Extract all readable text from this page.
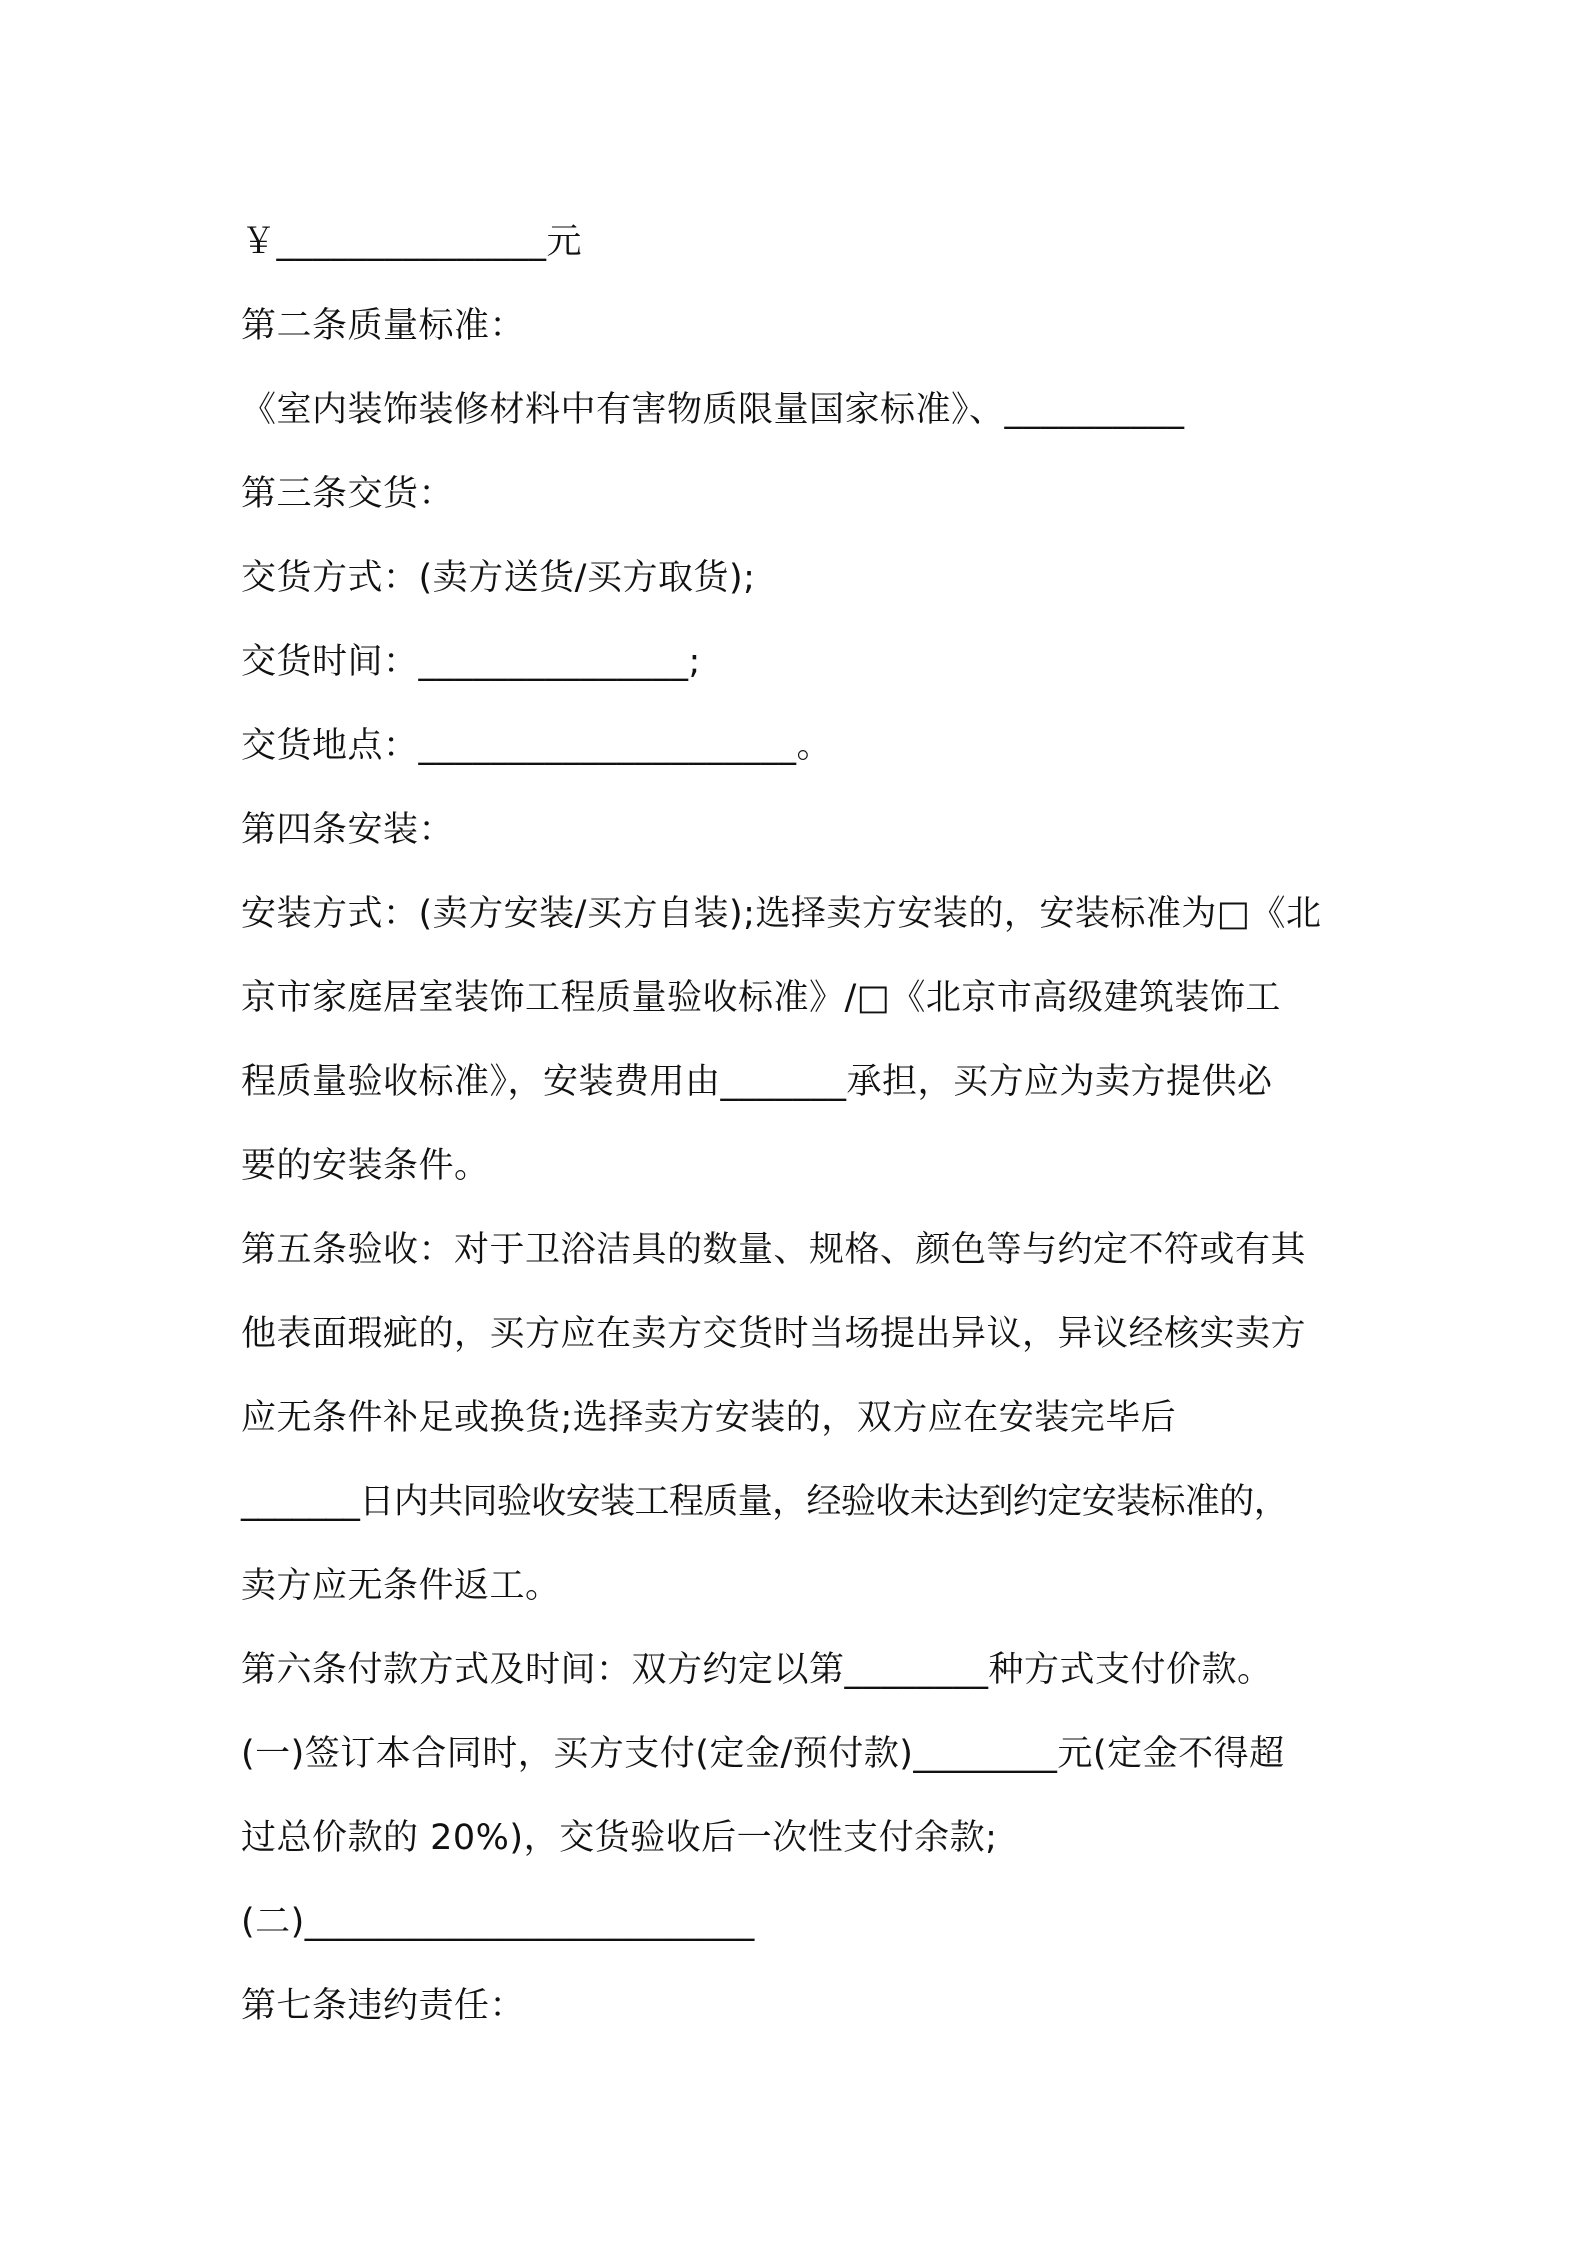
￥_______________元

第二条质量标准：

《室内装饰装修材料中有害物质限量国家标准》、__________

第三条交货：

交货方式：(卖方送货/买方取货);

交货时间：_______________;

交货地点：_____________________。

第四条安装：

安装方式：(卖方安装/买方自装);选择卖方安装的，安装标准为□《北

京市家庭居室装饰工程质量验收标准》/□《北京市高级建筑装饰工

程质量验收标准》，安装费用由_______承担，买方应为卖方提供必

要的安装条件。

第五条验收：对于卫浴洁具的数量、规格、颜色等与约定不符或有其

他表面瑕疵的，买方应在卖方交货时当场提出异议，异议经核实卖方

应无条件补足或换货;选择卖方安装的，双方应在安装完毕后

_______日内共同验收安装工程质量，经验收未达到约定安装标准的，

卖方应无条件返工。

第六条付款方式及时间：双方约定以第________种方式支付价款。

(一)签订本合同时，买方支付(定金/预付款)________元(定金不得超

过总价款的 20%)，交货验收后一次性支付余款;

(二)_________________________

第七条违约责任：
